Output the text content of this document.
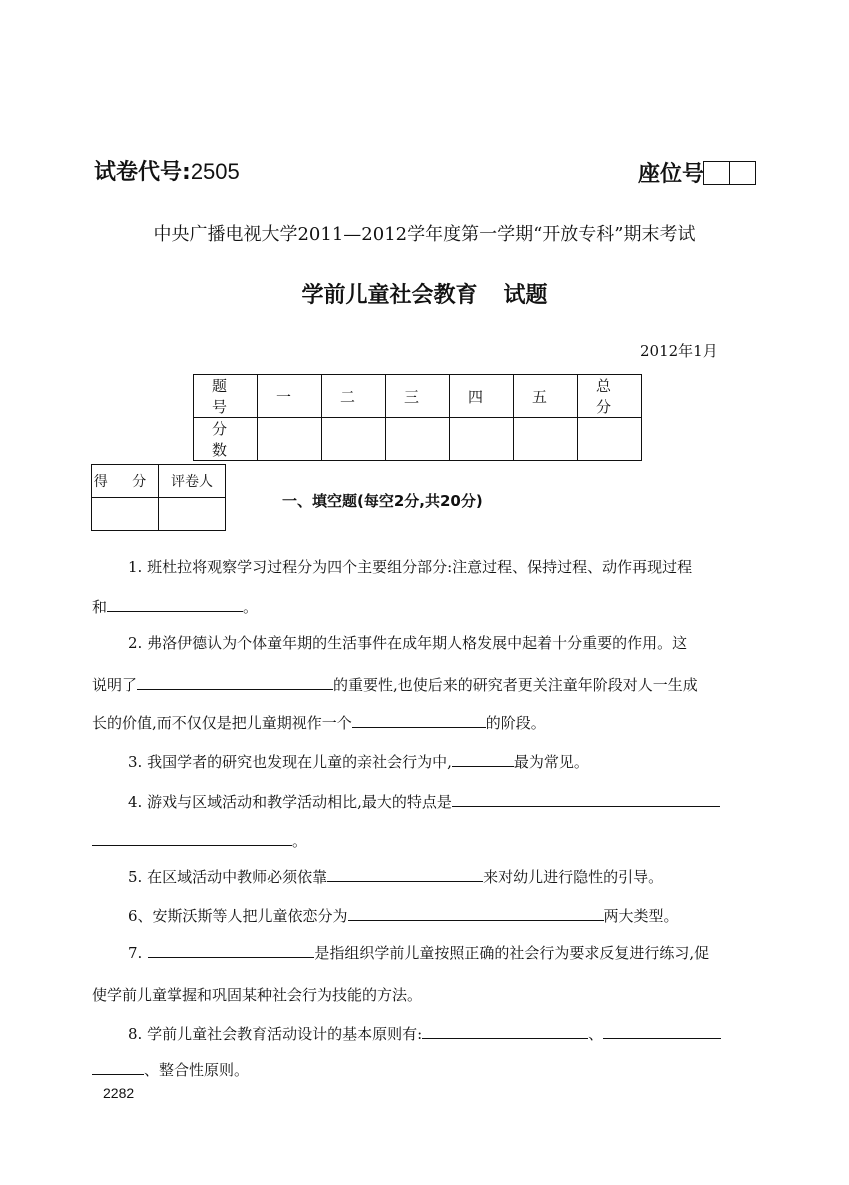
试卷代号:2505	座位号
中央广播电视大学2011—2012学年度第一学期“开放专科”期末考试
学前儿童社会教育 试题
2012年1月
题 号	一	二	三	四	五	总 分
分 数						
得 分	评卷人

一、填空题(每空2分,共20分)
1. 班杜拉将观察学习过程分为四个主要组分部分:注意过程、保持过程、动作再现过程
和	。
2. 弗洛伊德认为个体童年期的生活事件在成年期人格发展中起着十分重要的作用。这
说明了	的重要性,也使后来的研究者更关注童年阶段对人一生成
长的价值,而不仅仅是把儿童期视作一个	的阶段。
3. 我国学者的研究也发现在儿童的亲社会行为中,	最为常见。
4. 游戏与区域活动和教学活动相比,最大的特点是
。
5. 在区域活动中教师必须依靠	来对幼儿进行隐性的引导。
6、安斯沃斯等人把儿童依恋分为	两大类型。
7.	是指组织学前儿童按照正确的社会行为要求反复进行练习,促
使学前儿童掌握和巩固某种社会行为技能的方法。
8. 学前儿童社会教育活动设计的基本原则有:	、
、整合性原则。
2282
